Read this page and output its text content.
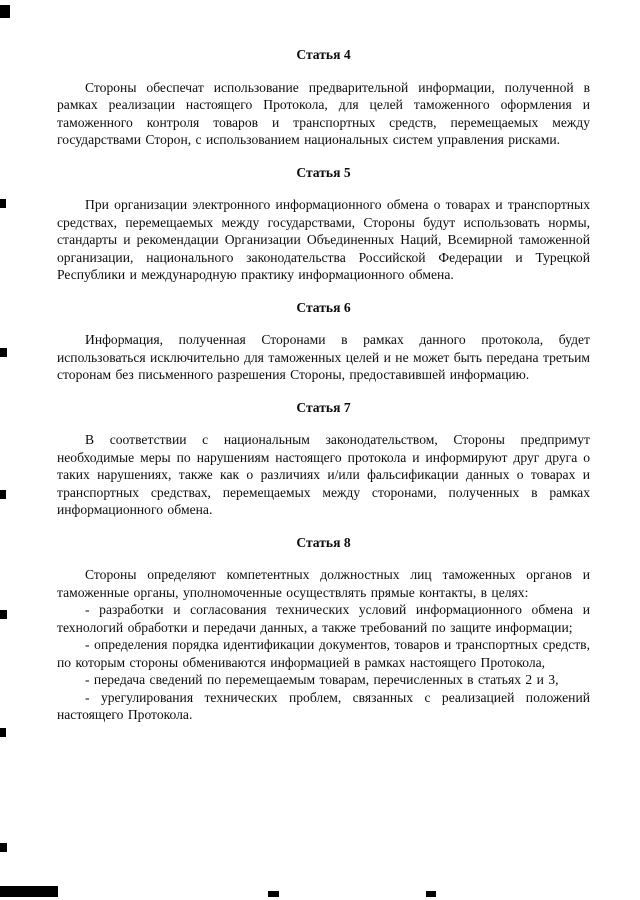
Статья 4

Стороны обеспечат использование предварительной информации, полученной в рамках реализации настоящего Протокола, для целей таможенного оформления и таможенного контроля товаров и транспортных средств, перемещаемых между государствами Сторон, с использованием национальных систем управления рисками.

Статья 5

При организации электронного информационного обмена о товарах и транспортных средствах, перемещаемых между государствами, Стороны будут использовать нормы, стандарты и рекомендации Организации Объединенных Наций, Всемирной таможенной организации, национального законодательства Российской Федерации и Турецкой Республики и международную практику информационного обмена.

Статья 6

Информация, полученная Сторонами в рамках данного протокола, будет использоваться исключительно для таможенных целей и не может быть передана третьим сторонам без письменного разрешения Стороны, предоставившей информацию.

Статья 7

В соответствии с национальным законодательством, Стороны предпримут необходимые меры по нарушениям настоящего протокола и информируют друг друга о таких нарушениях, также как о различиях и/или фальсификации данных о товарах и транспортных средствах, перемещаемых между сторонами, полученных в рамках информационного обмена.

Статья 8

Стороны определяют компетентных должностных лиц таможенных органов и таможенные органы, уполномоченные осуществлять прямые контакты, в целях:

- разработки и согласования технических условий информационного обмена и технологий обработки и передачи данных, а также требований по защите информации;

- определения порядка идентификации документов, товаров и транспортных средств, по которым стороны обмениваются информацией в рамках настоящего Протокола,

- передача сведений по перемещаемым товарам, перечисленных в статьях 2 и 3,

- урегулирования технических проблем, связанных с реализацией положений настоящего Протокола.
